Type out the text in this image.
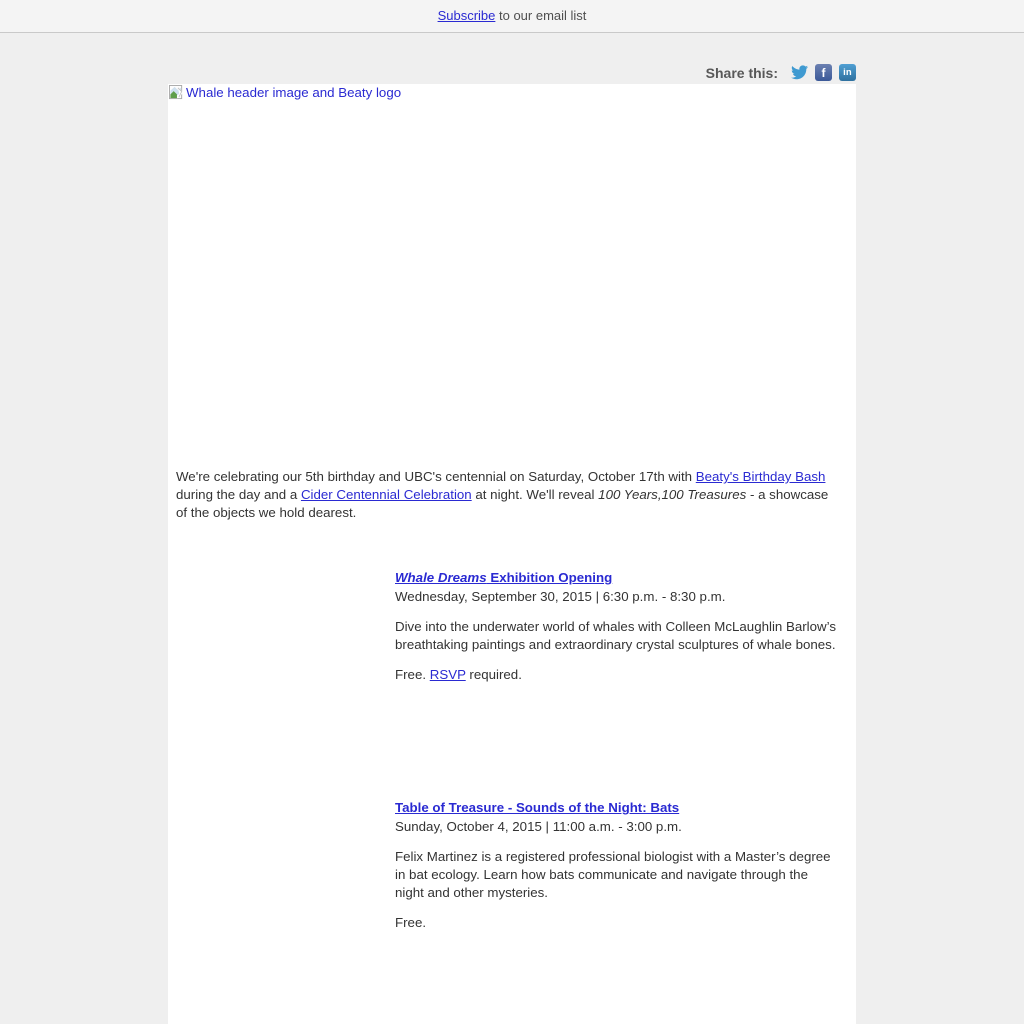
Subscribe to our email list
Share this:	f	in
Whale header image and Beaty logo

We're celebrating our 5th birthday and UBC's centennial on Saturday, October 17th with Beaty's Birthday Bash during the day and a Cider Centennial Celebration at night. We'll reveal 100 Years,100 Treasures - a showcase of the objects we hold dearest.

Whale Dreams Exhibition Opening
Wednesday, September 30, 2015 | 6:30 p.m. - 8:30 p.m.

Dive into the underwater world of whales with Colleen McLaughlin Barlow’s breathtaking paintings and extraordinary crystal sculptures of whale bones.

Free. RSVP required.

Table of Treasure - Sounds of the Night: Bats
Sunday, October 4, 2015 | 11:00 a.m. - 3:00 p.m.

Felix Martinez is a registered professional biologist with a Master’s degree in bat ecology. Learn how bats communicate and navigate through the night and other mysteries.

Free.
